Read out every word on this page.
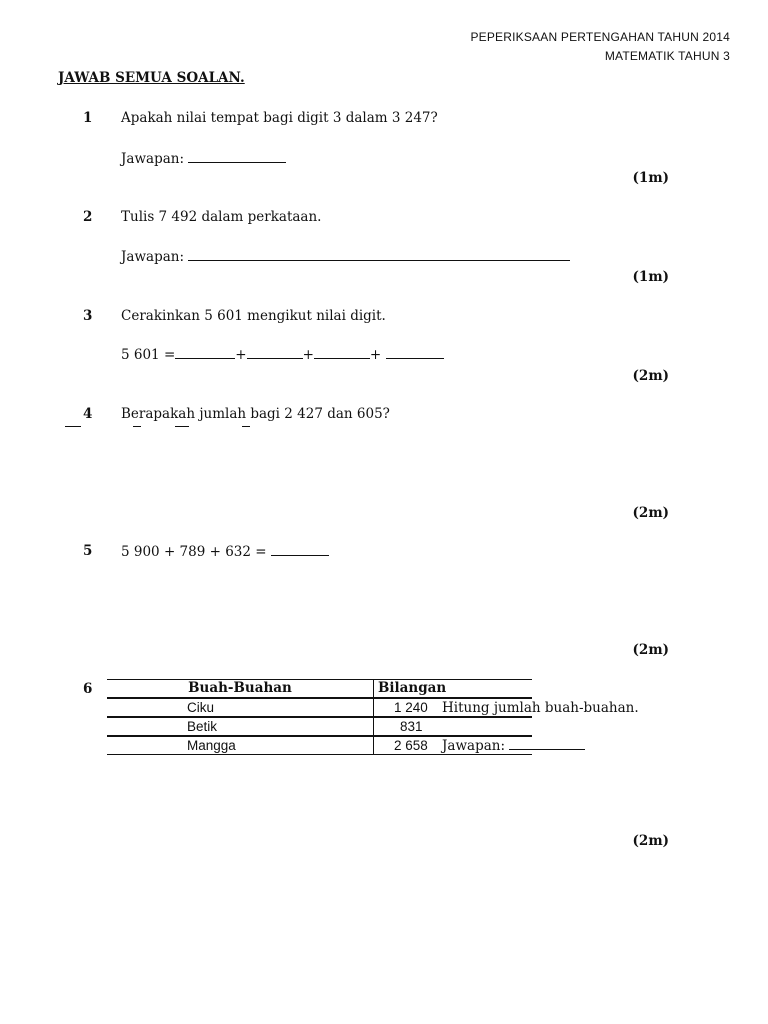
PEPERIKSAAN PERTENGAHAN TAHUN 2014
MATEMATIK TAHUN 3
JAWAB SEMUA SOALAN.
1 Apakah nilai tempat bagi digit 3 dalam 3 247?
Jawapan:
(1m)
2 Tulis 7 492 dalam perkataan.
Jawapan:
(1m)
3 Cerakinkan 5 601 mengikut nilai digit.
5 601 =	+	+	+
(2m)
4 Berapakah jumlah bagi 2 427 dan 605?
(2m)
5 5 900 + 789 + 632 =
(2m)
6	Buah-Buahan	Bilangan
Ciku	1 240
Betik	831
Mangga	2 658
Hitung jumlah buah-buahan.
Jawapan:
(2m)
